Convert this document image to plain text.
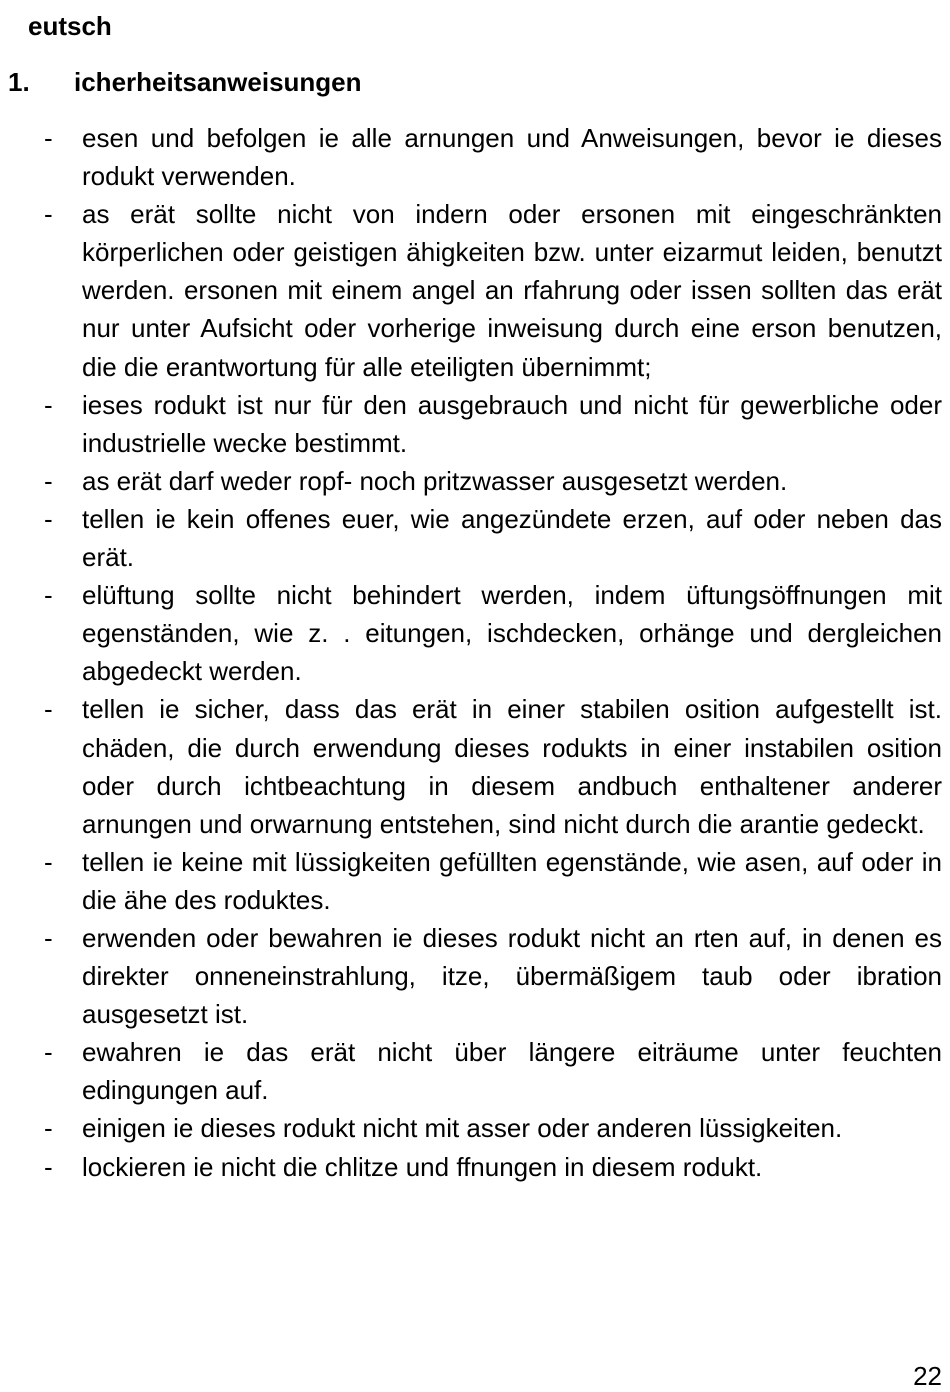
eutsch
1. icherheitsanweisungen
- esen und befolgen ie alle arnungen und Anweisungen, bevor ie dieses rodukt verwenden.
- as erät sollte nicht von indern oder ersonen mit eingeschränkten körperlichen oder geistigen ähigkeiten bzw. unter eizarmut leiden, benutzt werden. ersonen mit einem angel an rfahrung oder issen sollten das erät nur unter Aufsicht oder vorherige inweisung durch eine erson benutzen, die die erantwortung für alle eteiligten übernimmt;
- ieses rodukt ist nur für den ausgebrauch und nicht für gewerbliche oder industrielle wecke bestimmt.
- as erät darf weder ropf- noch pritzwasser ausgesetzt werden.
- tellen ie kein offenes euer, wie angezündete erzen, auf oder neben das erät.
- elüftung sollte nicht behindert werden, indem üftungsöffnungen mit egenständen, wie z. . eitungen, ischdecken, orhänge und dergleichen abgedeckt werden.
- tellen ie sicher, dass das erät in einer stabilen osition aufgestellt ist. chäden, die durch erwendung dieses rodukts in einer instabilen osition oder durch ichtbeachtung in diesem andbuch enthaltener anderer arnungen und orwarnung entstehen, sind nicht durch die arantie gedeckt.
- tellen ie keine mit lüssigkeiten gefüllten egenstände, wie asen, auf oder in die ähe des roduktes.
- erwenden oder bewahren ie dieses rodukt nicht an rten auf, in denen es direkter onneneinstrahlung, itze, übermäßigem taub oder ibration ausgesetzt ist.
- ewahren ie das erät nicht über längere eiträume unter feuchten edingungen auf.
- einigen ie dieses rodukt nicht mit asser oder anderen lüssigkeiten.
- lockieren ie nicht die chlitze und ffnungen in diesem rodukt.
22
